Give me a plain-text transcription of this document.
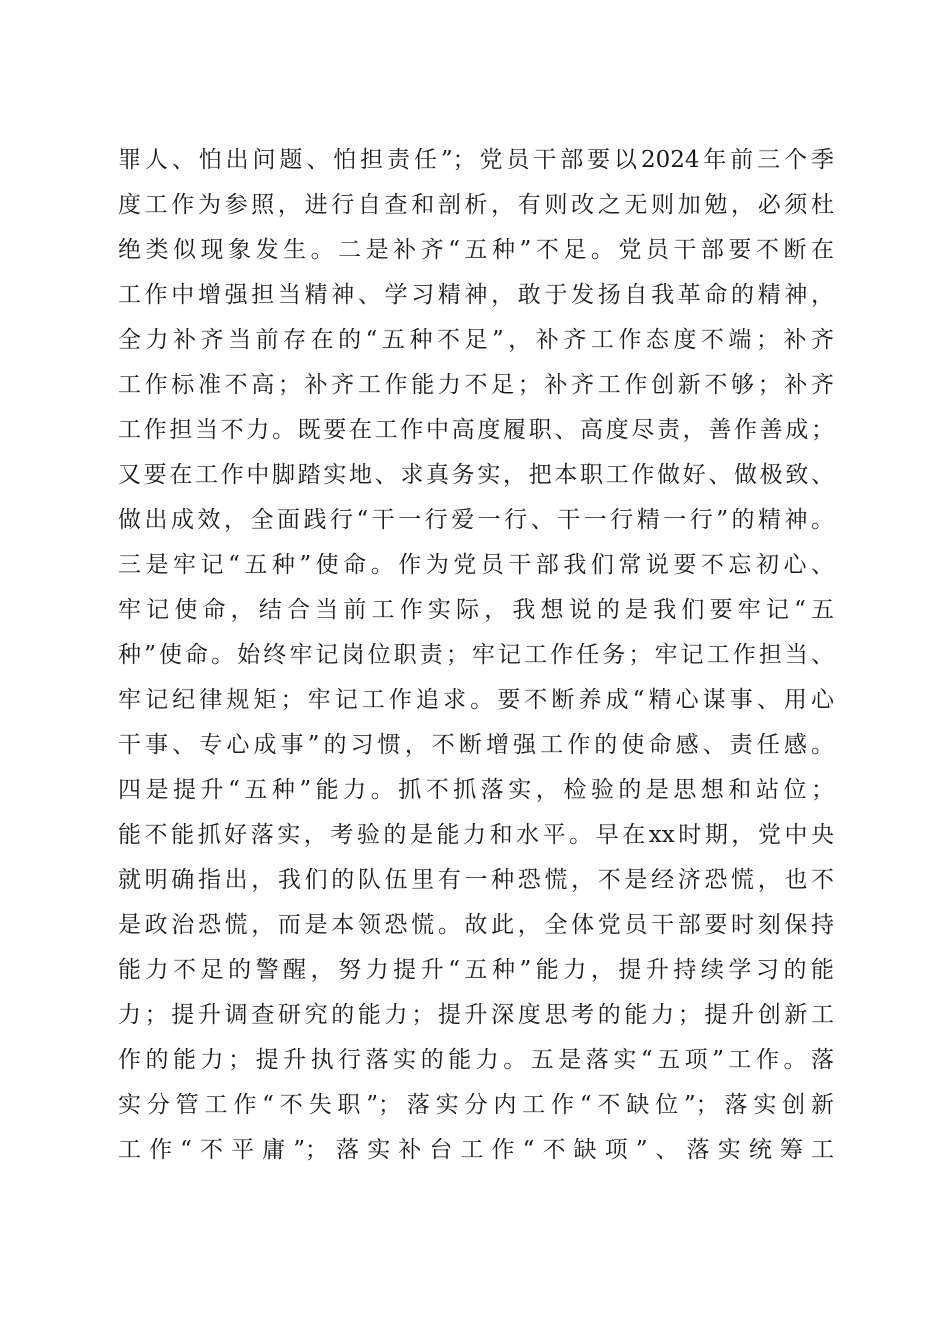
罪人、怕出问题、怕担责任”；党员干部要以2024年前三个季
度工作为参照，进行自查和剖析，有则改之无则加勉，必须杜
绝类似现象发生。二是补齐“五种”不足。党员干部要不断在
工作中增强担当精神、学习精神，敢于发扬自我革命的精神，
全力补齐当前存在的“五种不足”，补齐工作态度不端；补齐
工作标准不高；补齐工作能力不足；补齐工作创新不够；补齐
工作担当不力。既要在工作中高度履职、高度尽责，善作善成；
又要在工作中脚踏实地、求真务实，把本职工作做好、做极致、
做出成效，全面践行“干一行爱一行、干一行精一行”的精神。
三是牢记“五种”使命。作为党员干部我们常说要不忘初心、
牢记使命，结合当前工作实际，我想说的是我们要牢记“五
种”使命。始终牢记岗位职责；牢记工作任务；牢记工作担当、
牢记纪律规矩；牢记工作追求。要不断养成“精心谋事、用心
干事、专心成事”的习惯，不断增强工作的使命感、责任感。
四是提升“五种”能力。抓不抓落实，检验的是思想和站位；
能不能抓好落实，考验的是能力和水平。早在xx时期，党中央
就明确指出，我们的队伍里有一种恐慌，不是经济恐慌，也不
是政治恐慌，而是本领恐慌。故此，全体党员干部要时刻保持
能力不足的警醒，努力提升“五种”能力，提升持续学习的能
力；提升调查研究的能力；提升深度思考的能力；提升创新工
作的能力；提升执行落实的能力。五是落实“五项”工作。落
实分管工作“不失职”；落实分内工作“不缺位”；落实创新
工作“不平庸”；落实补台工作“不缺项”、落实统筹工
